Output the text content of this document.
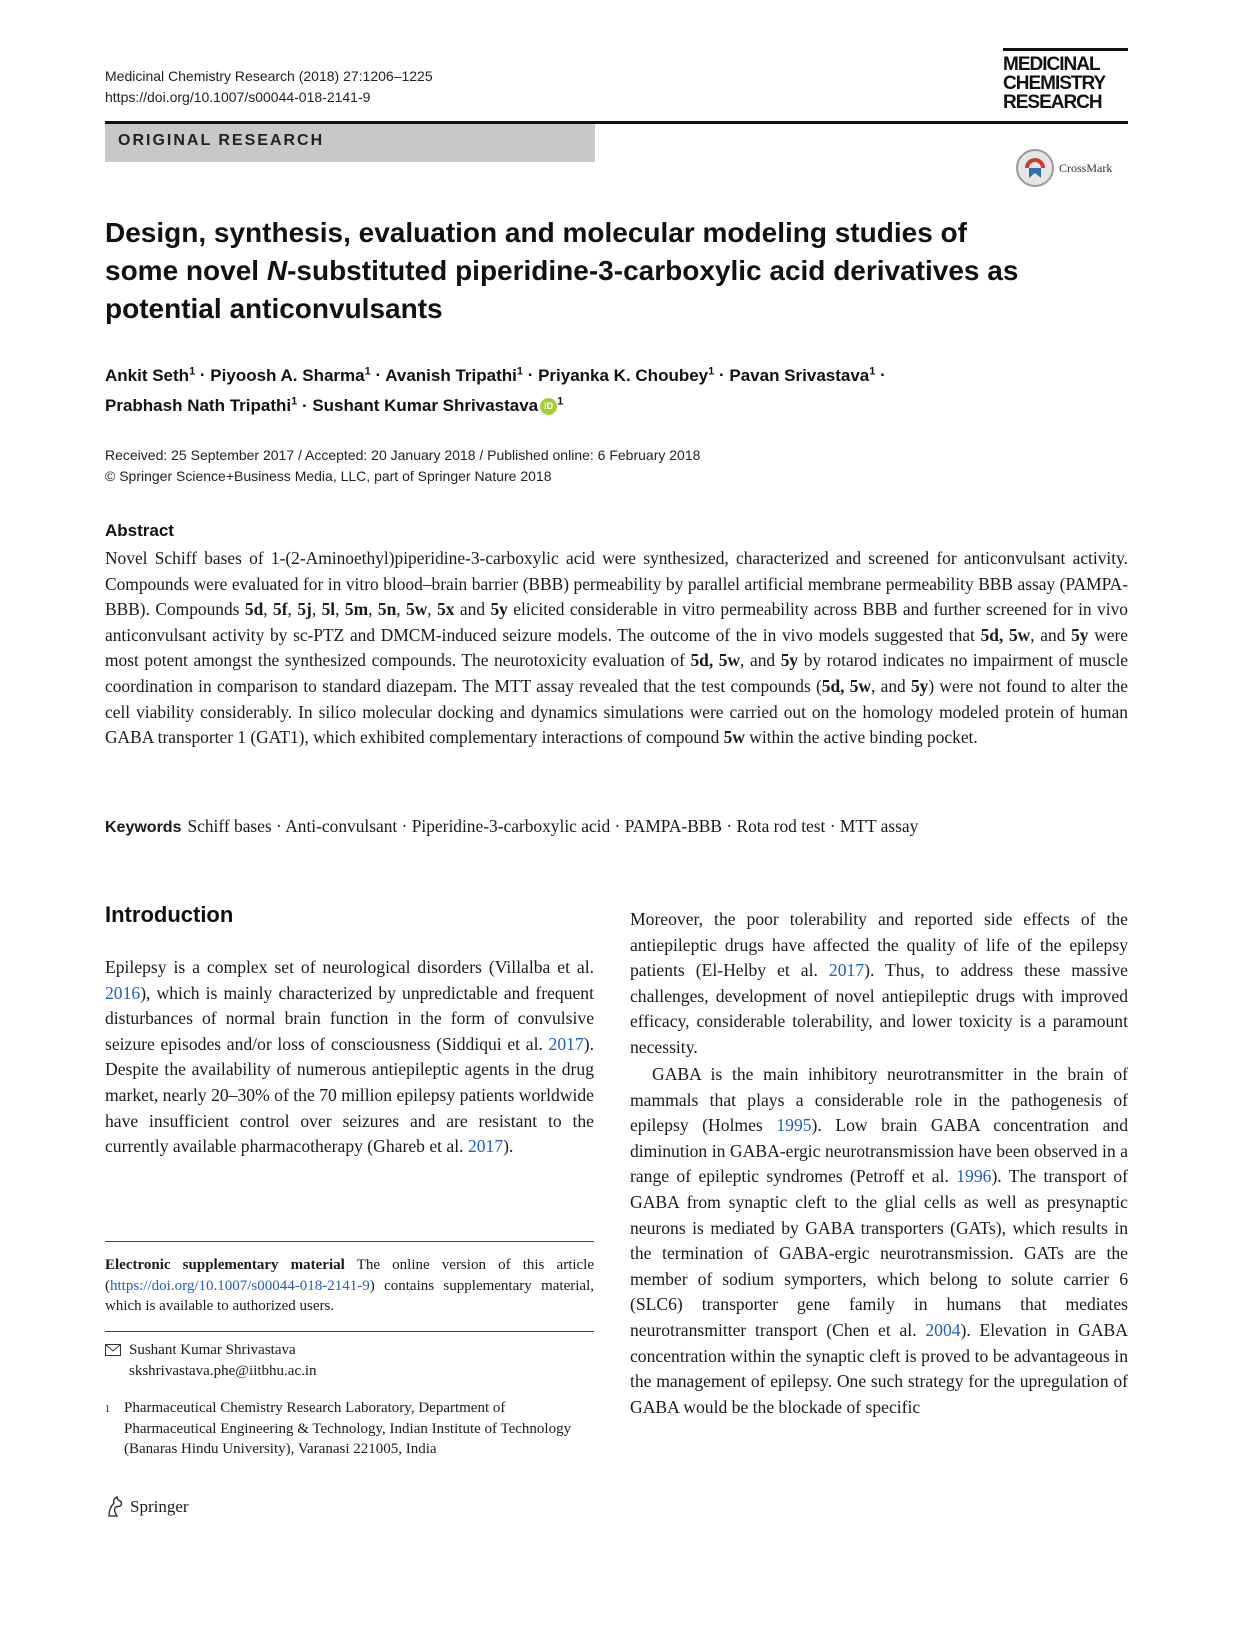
Medicinal Chemistry Research (2018) 27:1206–1225
https://doi.org/10.1007/s00044-018-2141-9
MEDICINAL
CHEMISTRY
RESEARCH
ORIGINAL RESEARCH
CrossMark
Design, synthesis, evaluation and molecular modeling studies of some novel N-substituted piperidine-3-carboxylic acid derivatives as potential anticonvulsants
Ankit Seth$^1$ · Piyoosh A. Sharma$^1$ · Avanish Tripathi$^1$ · Priyanka K. Choubey$^1$ · Pavan Srivastava$^1$ ·
Prabhash Nath Tripathi$^1$ · Sushant Kumar Shrivastava iD $^1$
Received: 25 September 2017 / Accepted: 20 January 2018 / Published online: 6 February 2018
© Springer Science+Business Media, LLC, part of Springer Nature 2018
Abstract
Novel Schiff bases of 1-(2-Aminoethyl)piperidine-3-carboxylic acid were synthesized, characterized and screened for anticonvulsant activity. Compounds were evaluated for in vitro blood–brain barrier (BBB) permeability by parallel artificial membrane permeability BBB assay (PAMPA-BBB). Compounds 5d, 5f, 5j, 5l, 5m, 5n, 5w, 5x and 5y elicited considerable in vitro permeability across BBB and further screened for in vivo anticonvulsant activity by sc-PTZ and DMCM-induced seizure models. The outcome of the in vivo models suggested that 5d, 5w, and 5y were most potent amongst the synthesized compounds. The neurotoxicity evaluation of 5d, 5w, and 5y by rotarod indicates no impairment of muscle coordination in comparison to standard diazepam. The MTT assay revealed that the test compounds (5d, 5w, and 5y) were not found to alter the cell viability considerably. In silico molecular docking and dynamics simulations were carried out on the homology modeled protein of human GABA transporter 1 (GAT1), which exhibited complementary interactions of compound 5w within the active binding pocket.
Keywords Schiff bases · Anti-convulsant · Piperidine-3-carboxylic acid · PAMPA-BBB · Rota rod test · MTT assay
Introduction
Epilepsy is a complex set of neurological disorders (Villalba et al. 2016), which is mainly characterized by unpredictable and frequent disturbances of normal brain function in the form of convulsive seizure episodes and/or loss of consciousness (Siddiqui et al. 2017). Despite the availability of numerous antiepileptic agents in the drug market, nearly 20–30% of the 70 million epilepsy patients worldwide have insufficient control over seizures and are resistant to the currently available pharmacotherapy (Ghareb et al. 2017).
Moreover, the poor tolerability and reported side effects of the antiepileptic drugs have affected the quality of life of the epilepsy patients (El-Helby et al. 2017). Thus, to address these massive challenges, development of novel antiepileptic drugs with improved efficacy, considerable tolerability, and lower toxicity is a paramount necessity.
GABA is the main inhibitory neurotransmitter in the brain of mammals that plays a considerable role in the pathogenesis of epilepsy (Holmes 1995). Low brain GABA concentration and diminution in GABA-ergic neurotransmission have been observed in a range of epileptic syndromes (Petroff et al. 1996). The transport of GABA from synaptic cleft to the glial cells as well as presynaptic neurons is mediated by GABA transporters (GATs), which results in the termination of GABA-ergic neurotransmission. GATs are the member of sodium symporters, which belong to solute carrier 6 (SLC6) transporter gene family in humans that mediates neurotransmitter transport (Chen et al. 2004). Elevation in GABA concentration within the synaptic cleft is proved to be advantageous in the management of epilepsy. One such strategy for the upregulation of GABA would be the blockade of specific
Electronic supplementary material The online version of this article (https://doi.org/10.1007/s00044-018-2141-9) contains supplementary material, which is available to authorized users.
Sushant Kumar Shrivastava
skshrivastava.phe@iitbhu.ac.in
1 Pharmaceutical Chemistry Research Laboratory, Department of Pharmaceutical Engineering & Technology, Indian Institute of Technology (Banaras Hindu University), Varanasi 221005, India
Springer
